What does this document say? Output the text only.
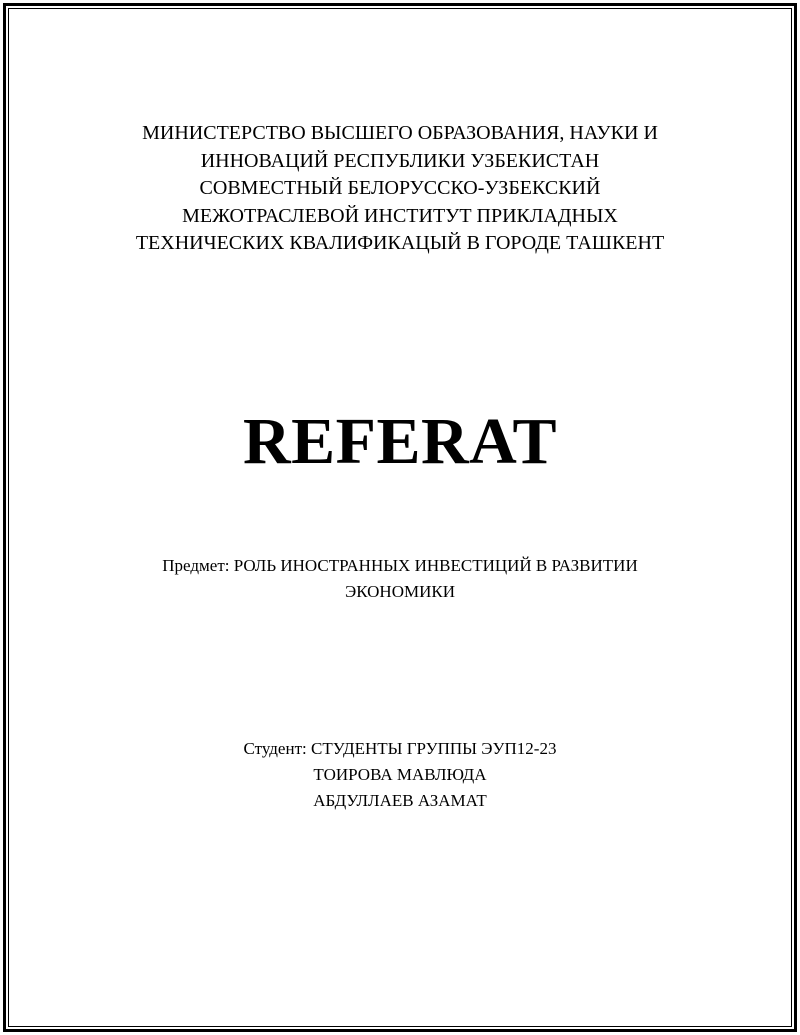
МИНИСТЕРСТВО ВЫСШЕГО ОБРАЗОВАНИЯ, НАУКИ И
ИННОВАЦИЙ РЕСПУБЛИКИ УЗБЕКИСТАН
СОВМЕСТНЫЙ БЕЛОРУССКО-УЗБЕКСКИЙ
МЕЖОТРАСЛЕВОЙ ИНСТИТУТ ПРИКЛАДНЫХ
ТЕХНИЧЕСКИХ КВАЛИФИКАЦЫЙ В ГОРОДЕ ТАШКЕНТ
REFERAT
Предмет: РОЛЬ ИНОСТРАННЫХ ИНВЕСТИЦИЙ В РАЗВИТИИ
ЭКОНОМИКИ
Студент: СТУДЕНТЫ ГРУППЫ ЭУП12-23
ТОИРОВА МАВЛЮДА
АБДУЛЛАЕВ АЗАМАТ
